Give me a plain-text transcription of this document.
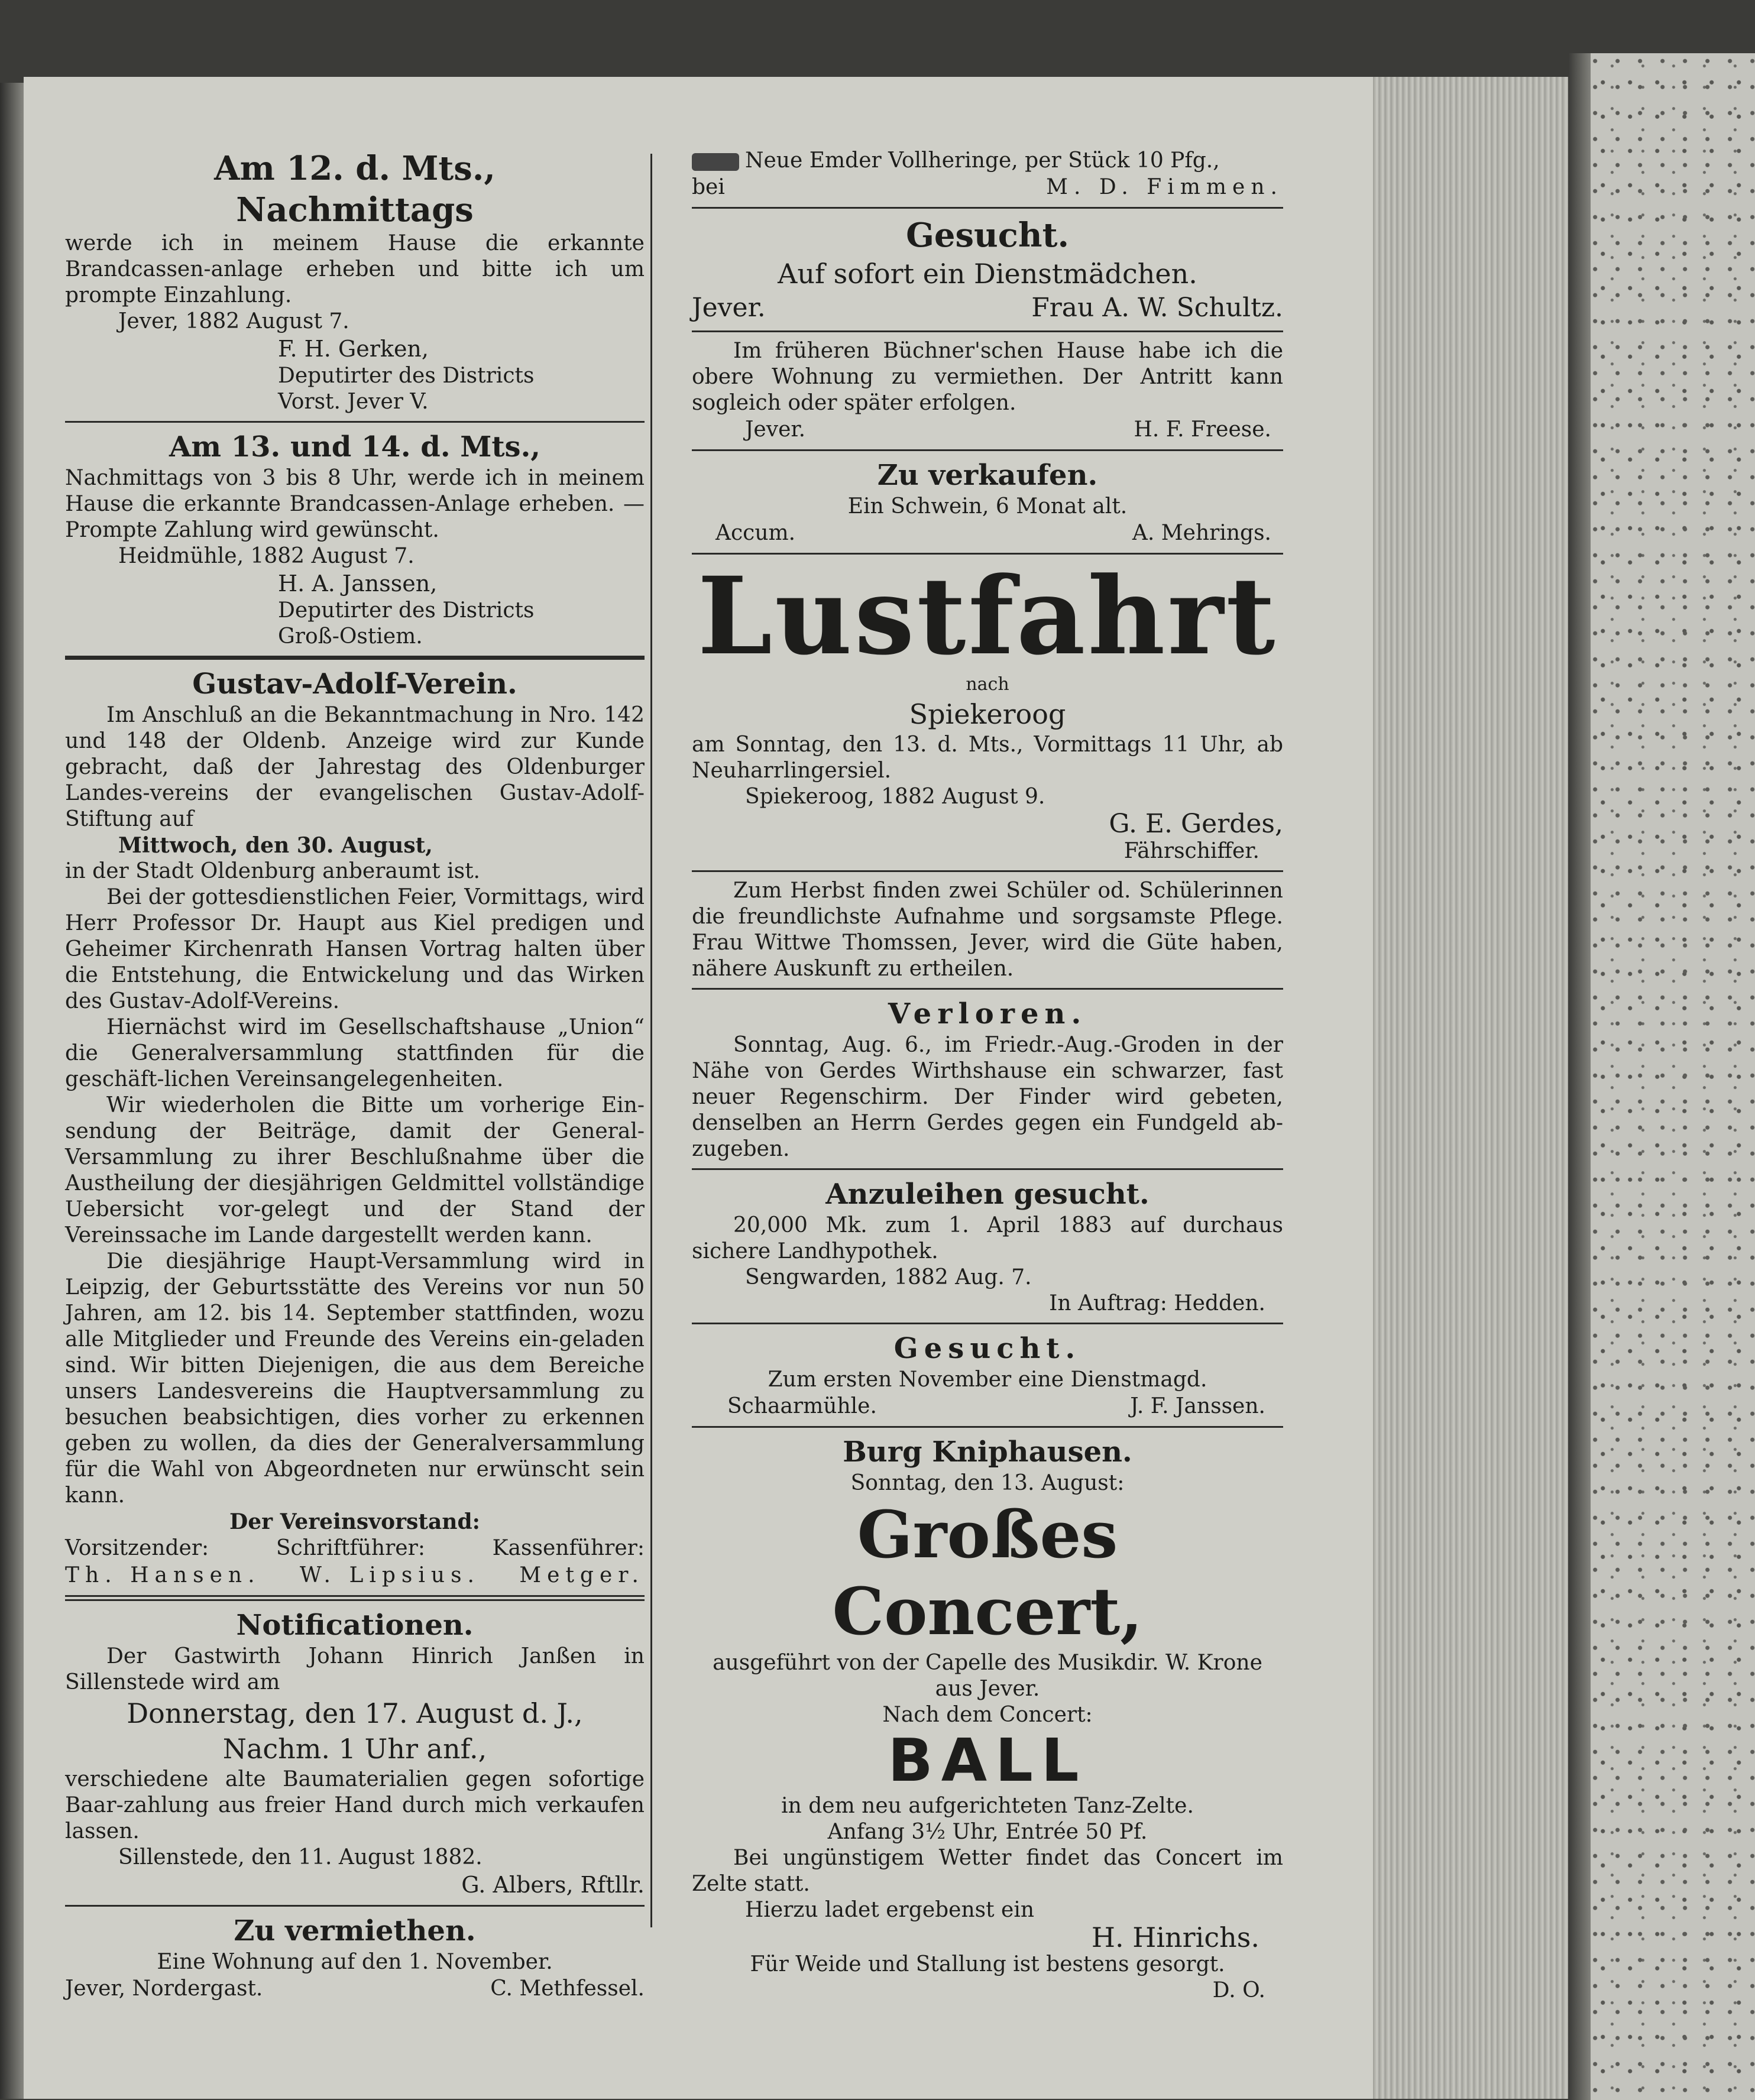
Am 12. d. Mts.,
Nachmittags
werde ich in meinem Hause die erkannte Brandcassen-anlage erheben und bitte ich um prompte Einzahlung.
Jever, 1882 August 7.
F. H. Gerken,
Deputirter des Districts
Vorst. Jever V.
Am 13. und 14. d. Mts.,
Nachmittags von 3 bis 8 Uhr, werde ich in meinem Hause die erkannte Brandcassen-Anlage erheben. — Prompte Zahlung wird gewünscht.
Heidmühle, 1882 August 7.
H. A. Janssen,
Deputirter des Districts
Groß-Ostiem.
Gustav-Adolf-Verein.
Im Anschluß an die Bekanntmachung in Nro. 142 und 148 der Oldenb. Anzeige wird zur Kunde gebracht, daß der Jahrestag des Oldenburger Landes-vereins der evangelischen Gustav-Adolf-Stiftung auf
Mittwoch, den 30. August,
in der Stadt Oldenburg anberaumt ist.
Bei der gottesdienstlichen Feier, Vormittags, wird Herr Professor Dr. Haupt aus Kiel predigen und Geheimer Kirchenrath Hansen Vortrag halten über die Entstehung, die Entwickelung und das Wirken des Gustav-Adolf-Vereins.
Hiernächst wird im Gesellschaftshause „Union“ die Generalversammlung stattfinden für die geschäft-lichen Vereinsangelegenheiten.
Wir wiederholen die Bitte um vorherige Ein-sendung der Beiträge, damit der General-Versammlung zu ihrer Beschlußnahme über die Austheilung der diesjährigen Geldmittel vollständige Uebersicht vor-gelegt und der Stand der Vereinssache im Lande dargestellt werden kann.
Die diesjährige Haupt-Versammlung wird in Leipzig, der Geburtsstätte des Vereins vor nun 50 Jahren, am 12. bis 14. September stattfinden, wozu alle Mitglieder und Freunde des Vereins ein-geladen sind. Wir bitten Diejenigen, die aus dem Bereiche unsers Landesvereins die Hauptversammlung zu besuchen beabsichtigen, dies vorher zu erkennen geben zu wollen, da dies der Generalversammlung für die Wahl von Abgeordneten nur erwünscht sein kann.
Der Vereinsvorstand:
Vorsitzender:	Schriftführer:	Kassenführer:
Th. Hansen. W. Lipsius. Metger.
Notificationen.
Der Gastwirth Johann Hinrich Janßen in Sillenstede wird am
Donnerstag, den 17. August d. J.,
Nachm. 1 Uhr anf.,
verschiedene alte Baumaterialien gegen sofortige Baar-zahlung aus freier Hand durch mich verkaufen lassen.
Sillenstede, den 11. August 1882.
G. Albers, Rftllr.
Zu vermiethen.
Eine Wohnung auf den 1. November.
Jever, Nordergast.	C. Methfessel.
Neue Emder Vollheringe, per Stück 10 Pfg.,
bei	M. D. Fimmen.
Gesucht.
Auf sofort ein Dienstmädchen.
Jever.	Frau A. W. Schultz.
Im früheren Büchner'schen Hause habe ich die obere Wohnung zu vermiethen. Der Antritt kann sogleich oder später erfolgen.
Jever.	H. F. Freese.
Zu verkaufen.
Ein Schwein, 6 Monat alt.
Accum.	A. Mehrings.
Lustfahrt
nach
Spiekeroog
am Sonntag, den 13. d. Mts., Vormittags 11 Uhr, ab Neuharrlingersiel.
Spiekeroog, 1882 August 9.
G. E. Gerdes,
Fährschiffer.
Zum Herbst finden zwei Schüler od. Schülerinnen die freundlichste Aufnahme und sorgsamste Pflege. Frau Wittwe Thomssen, Jever, wird die Güte haben, nähere Auskunft zu ertheilen.
Verloren.
Sonntag, Aug. 6., im Friedr.-Aug.-Groden in der Nähe von Gerdes Wirthshause ein schwarzer, fast neuer Regenschirm. Der Finder wird gebeten, denselben an Herrn Gerdes gegen ein Fundgeld ab-zugeben.
Anzuleihen gesucht.
20,000 Mk. zum 1. April 1883 auf durchaus sichere Landhypothek.
Sengwarden, 1882 Aug. 7.
In Auftrag: Hedden.
Gesucht.
Zum ersten November eine Dienstmagd.
Schaarmühle.	J. F. Janssen.
Burg Kniphausen.
Sonntag, den 13. August:
Großes Concert,
ausgeführt von der Capelle des Musikdir. W. Krone aus Jever.
Nach dem Concert:
BALL
in dem neu aufgerichteten Tanz-Zelte.
Anfang 3½ Uhr, Entrée 50 Pf.
Bei ungünstigem Wetter findet das Concert im Zelte statt.
Hierzu ladet ergebenst ein
H. Hinrichs.
Für Weide und Stallung ist bestens gesorgt.
D. O.
